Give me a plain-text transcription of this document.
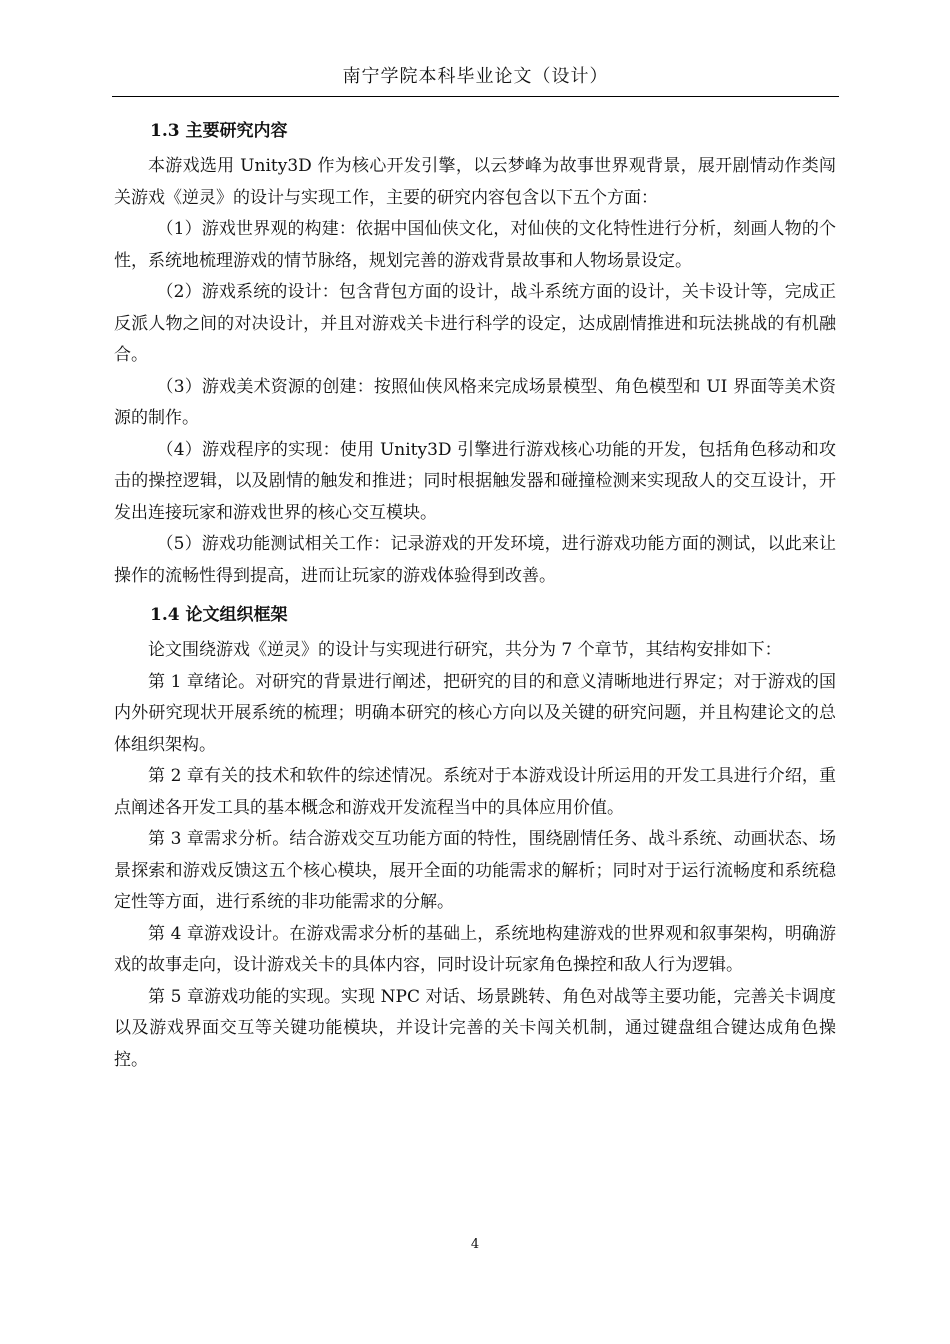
南宁学院本科毕业论文（设计）
1.3 主要研究内容

本游戏选用 Unity3D 作为核心开发引擎，以云梦峰为故事世界观背景，展开剧情动作类闯关游戏《逆灵》的设计与实现工作，主要的研究内容包含以下五个方面：

（1）游戏世界观的构建：依据中国仙侠文化，对仙侠的文化特性进行分析，刻画人物的个性，系统地梳理游戏的情节脉络，规划完善的游戏背景故事和人物场景设定。

（2）游戏系统的设计：包含背包方面的设计，战斗系统方面的设计，关卡设计等，完成正反派人物之间的对决设计，并且对游戏关卡进行科学的设定，达成剧情推进和玩法挑战的有机融合。

（3）游戏美术资源的创建：按照仙侠风格来完成场景模型、角色模型和 UI 界面等美术资源的制作。

（4）游戏程序的实现：使用 Unity3D 引擎进行游戏核心功能的开发，包括角色移动和攻击的操控逻辑，以及剧情的触发和推进；同时根据触发器和碰撞检测来实现敌人的交互设计，开发出连接玩家和游戏世界的核心交互模块。

（5）游戏功能测试相关工作：记录游戏的开发环境，进行游戏功能方面的测试，以此来让操作的流畅性得到提高，进而让玩家的游戏体验得到改善。

1.4 论文组织框架

论文围绕游戏《逆灵》的设计与实现进行研究，共分为 7 个章节，其结构安排如下：

第 1 章绪论。对研究的背景进行阐述，把研究的目的和意义清晰地进行界定；对于游戏的国内外研究现状开展系统的梳理；明确本研究的核心方向以及关键的研究问题，并且构建论文的总体组织架构。

第 2 章有关的技术和软件的综述情况。系统对于本游戏设计所运用的开发工具进行介绍，重点阐述各开发工具的基本概念和游戏开发流程当中的具体应用价值。

第 3 章需求分析。结合游戏交互功能方面的特性，围绕剧情任务、战斗系统、动画状态、场景探索和游戏反馈这五个核心模块，展开全面的功能需求的解析；同时对于运行流畅度和系统稳定性等方面，进行系统的非功能需求的分解。

第 4 章游戏设计。在游戏需求分析的基础上，系统地构建游戏的世界观和叙事架构，明确游戏的故事走向，设计游戏关卡的具体内容，同时设计玩家角色操控和敌人行为逻辑。

第 5 章游戏功能的实现。实现 NPC 对话、场景跳转、角色对战等主要功能，完善关卡调度以及游戏界面交互等关键功能模块，并设计完善的关卡闯关机制，通过键盘组合键达成角色操控。

4
